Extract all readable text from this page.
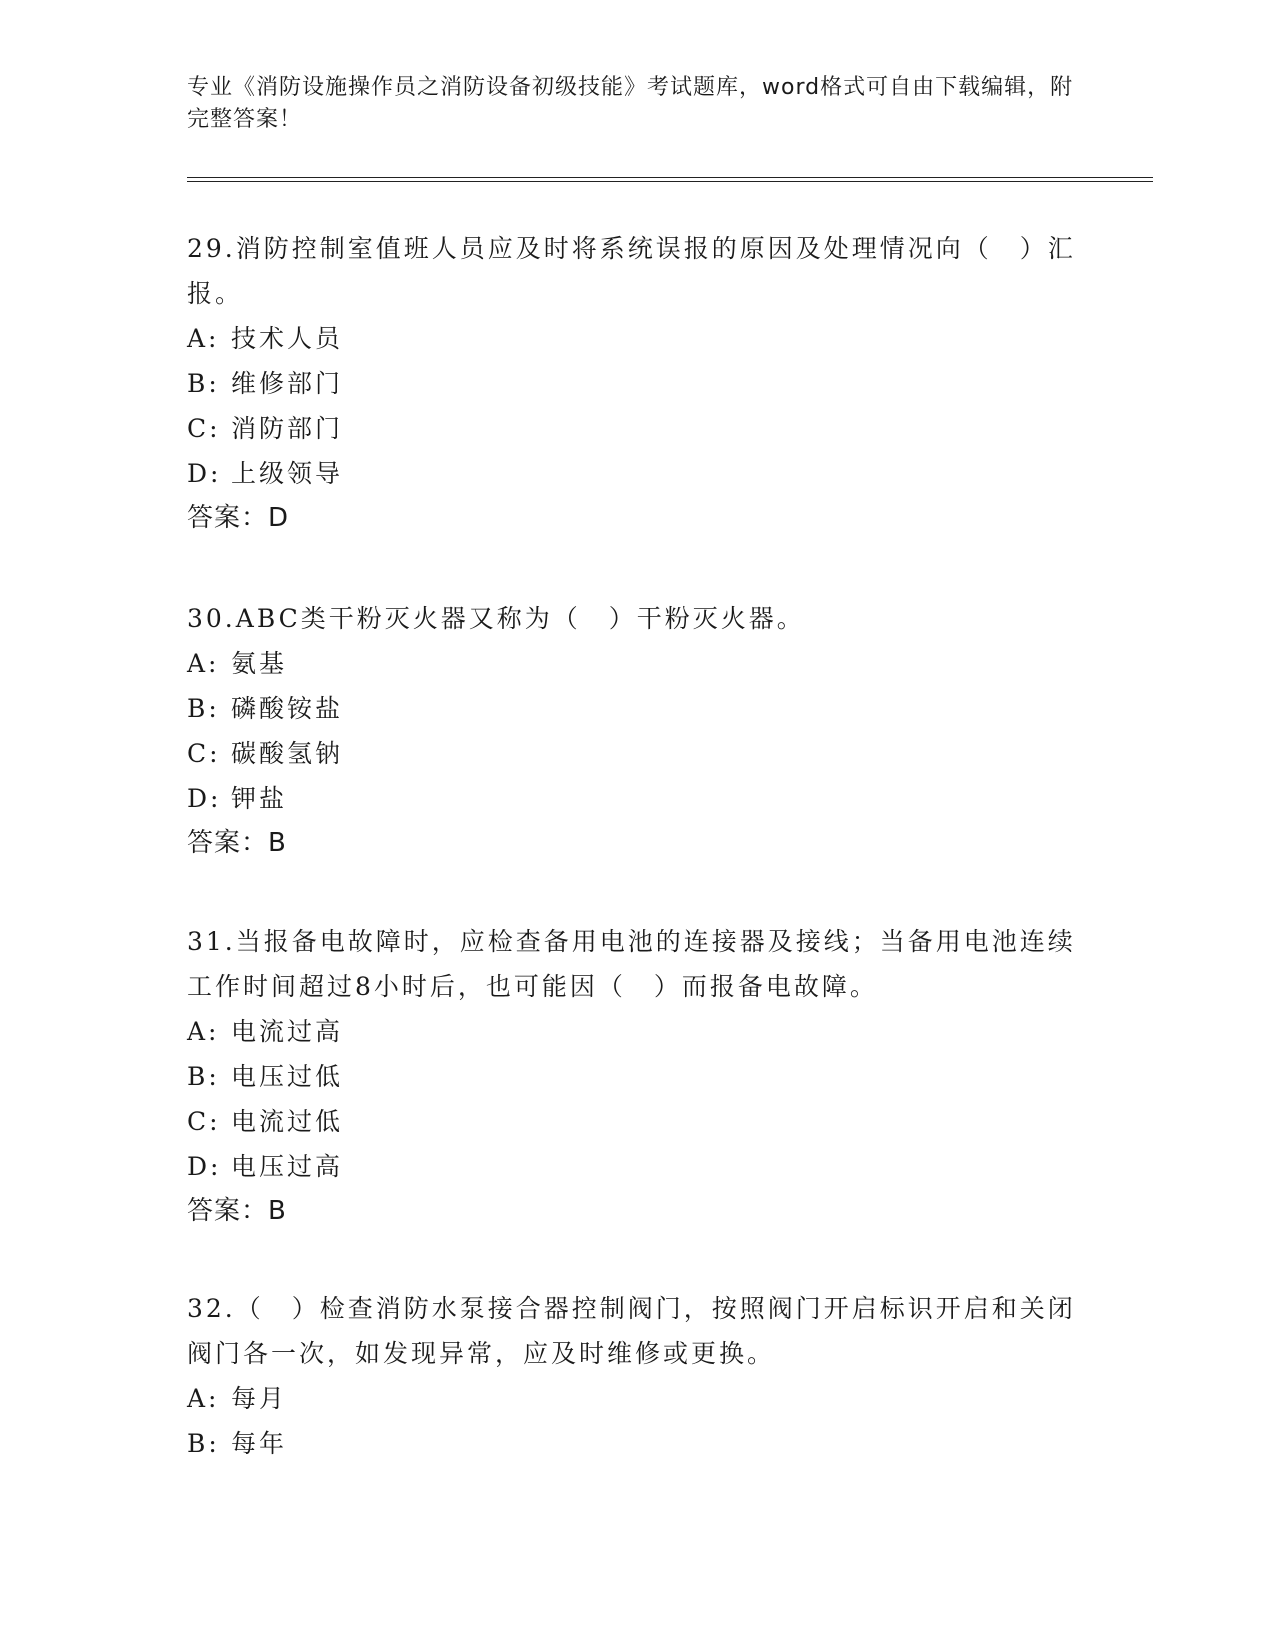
专业《消防设施操作员之消防设备初级技能》考试题库，word格式可自由下载编辑，附完整答案！

29.消防控制室值班人员应及时将系统误报的原因及处理情况向（　）汇报。

A: 技术人员

B: 维修部门

C: 消防部门

D: 上级领导

答案：D

30.ABC类干粉灭火器又称为（　）干粉灭火器。

A: 氨基

B: 磷酸铵盐

C: 碳酸氢钠

D: 钾盐

答案：B

31.当报备电故障时，应检查备用电池的连接器及接线；当备用电池连续工作时间超过8小时后，也可能因（　）而报备电故障。

A: 电流过高

B: 电压过低

C: 电流过低

D: 电压过高

答案：B

32.（　）检查消防水泵接合器控制阀门，按照阀门开启标识开启和关闭阀门各一次，如发现异常，应及时维修或更换。

A: 每月

B: 每年
